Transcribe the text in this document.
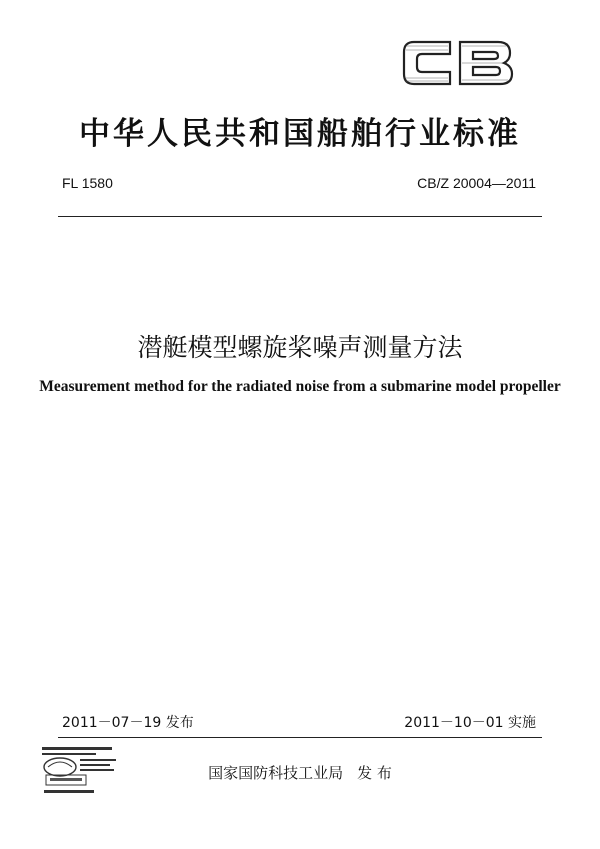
中华人民共和国船舶行业标准
FL 1580	CB/Z 20004—2011
潜艇模型螺旋桨噪声测量方法
Measurement method for the radiated noise from a submarine model propeller
2011－07－19 发布	2011－10－01 实施
国家国防科技工业局 发 布
